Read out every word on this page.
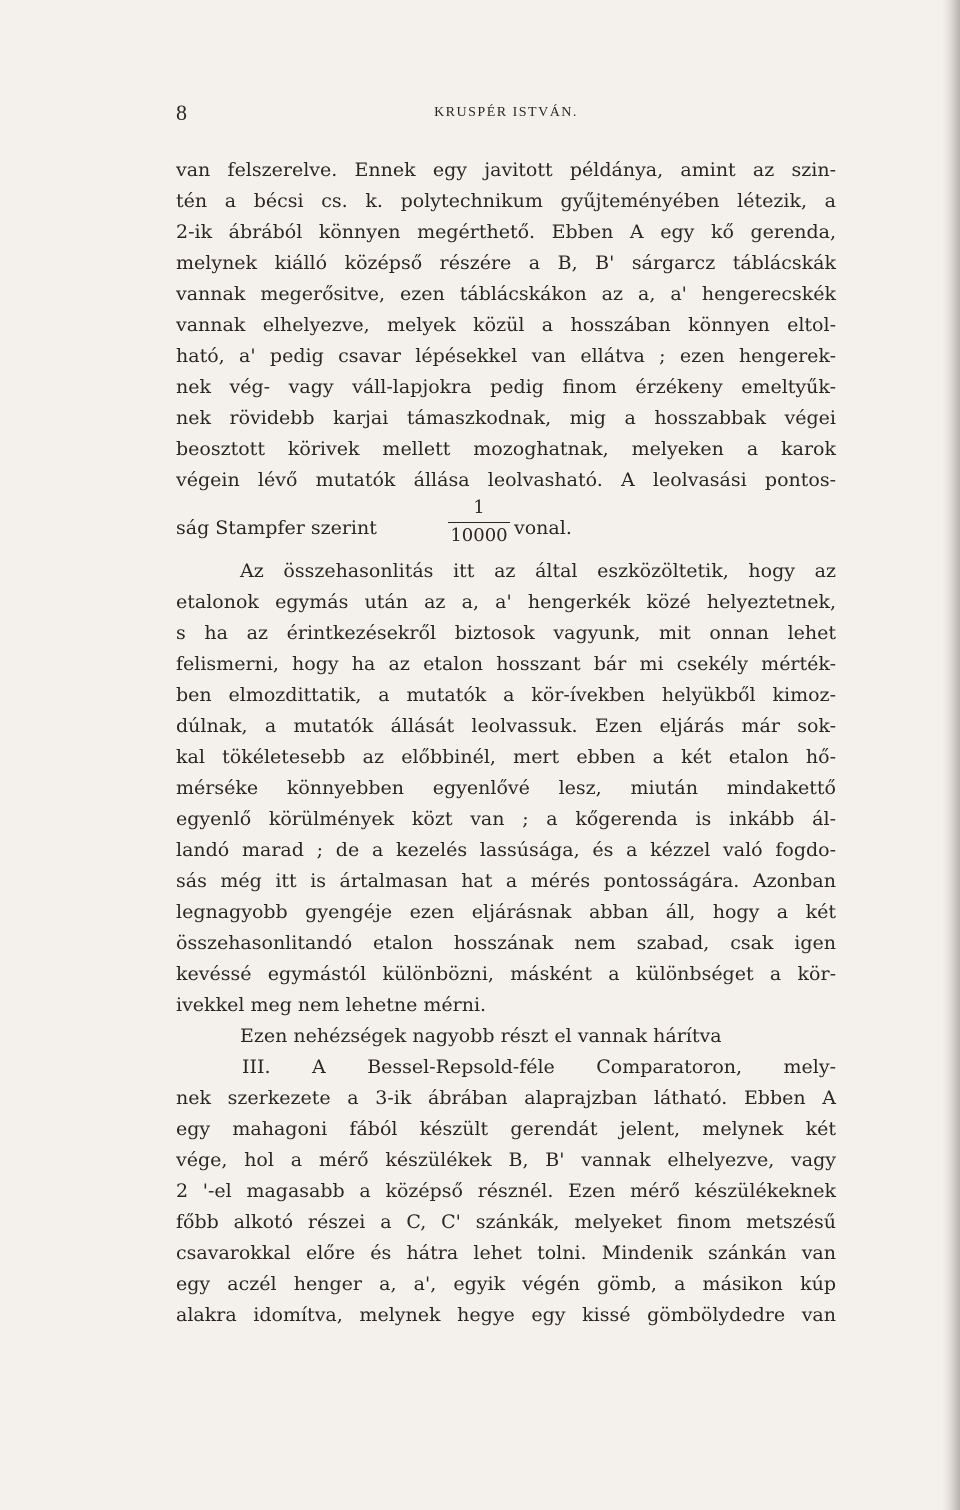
8	KRUSPÉR ISTVÁN.
van felszerelve. Ennek egy javitott példánya, amint az szin-
tén a bécsi cs. k. polytechnikum gyűjteményében létezik, a
2-ik ábrából könnyen megérthető. Ebben A egy kő gerenda,
melynek kiálló középső részére a B, B' sárgarcz táblácskák
vannak megerősitve, ezen táblácskákon az a, a' hengerecskék
vannak elhelyezve, melyek közül a hosszában könnyen eltol-
ható, a' pedig csavar lépésekkel van ellátva ; ezen hengerek-
nek vég- vagy váll-lapjokra pedig finom érzékeny emeltyűk-
nek rövidebb karjai támaszkodnak, mig a hosszabbak végei
beosztott körivek mellett mozoghatnak, melyeken a karok
végein lévő mutatók állása leolvasható. A leolvasási pontos-
ság Stampfer szerint
1
10000 vonal.
Az összehasonlitás itt az által eszközöltetik, hogy az
etalonok egymás után az a, a' hengerkék közé helyeztetnek,
s ha az érintkezésekről biztosok vagyunk, mit onnan lehet
felismerni, hogy ha az etalon hosszant bár mi csekély mérték-
ben elmozdittatik, a mutatók a kör-ívekben helyükből kimoz-
dúlnak, a mutatók állását leolvassuk. Ezen eljárás már sok-
kal tökéletesebb az előbbinél, mert ebben a két etalon hő-
mérséke könnyebben egyenlővé lesz, miután mindakettő
egyenlő körülmények közt van ; a kőgerenda is inkább ál-
landó marad ; de a kezelés lassúsága, és a kézzel való fogdo-
sás még itt is ártalmasan hat a mérés pontosságára. Azonban
legnagyobb gyengéje ezen eljárásnak abban áll, hogy a két
összehasonlitandó etalon hosszának nem szabad, csak igen
kevéssé egymástól különbözni, másként a különbséget a kör-
ivekkel meg nem lehetne mérni.
Ezen nehézségek nagyobb részt el vannak hárítva
III. A Bessel-Repsold-féle Comparatoron, mely-
nek szerkezete a 3-ik ábrában alaprajzban látható. Ebben A
egy mahagoni fából készült gerendát jelent, melynek két
vége, hol a mérő készülékek B, B' vannak elhelyezve, vagy
2 '-el magasabb a középső résznél. Ezen mérő készülékeknek
főbb alkotó részei a C, C' szánkák, melyeket finom metszésű
csavarokkal előre és hátra lehet tolni. Mindenik szánkán van
egy aczél henger a, a', egyik végén gömb, a másikon kúp
alakra idomítva, melynek hegye egy kissé gömbölydedre van
